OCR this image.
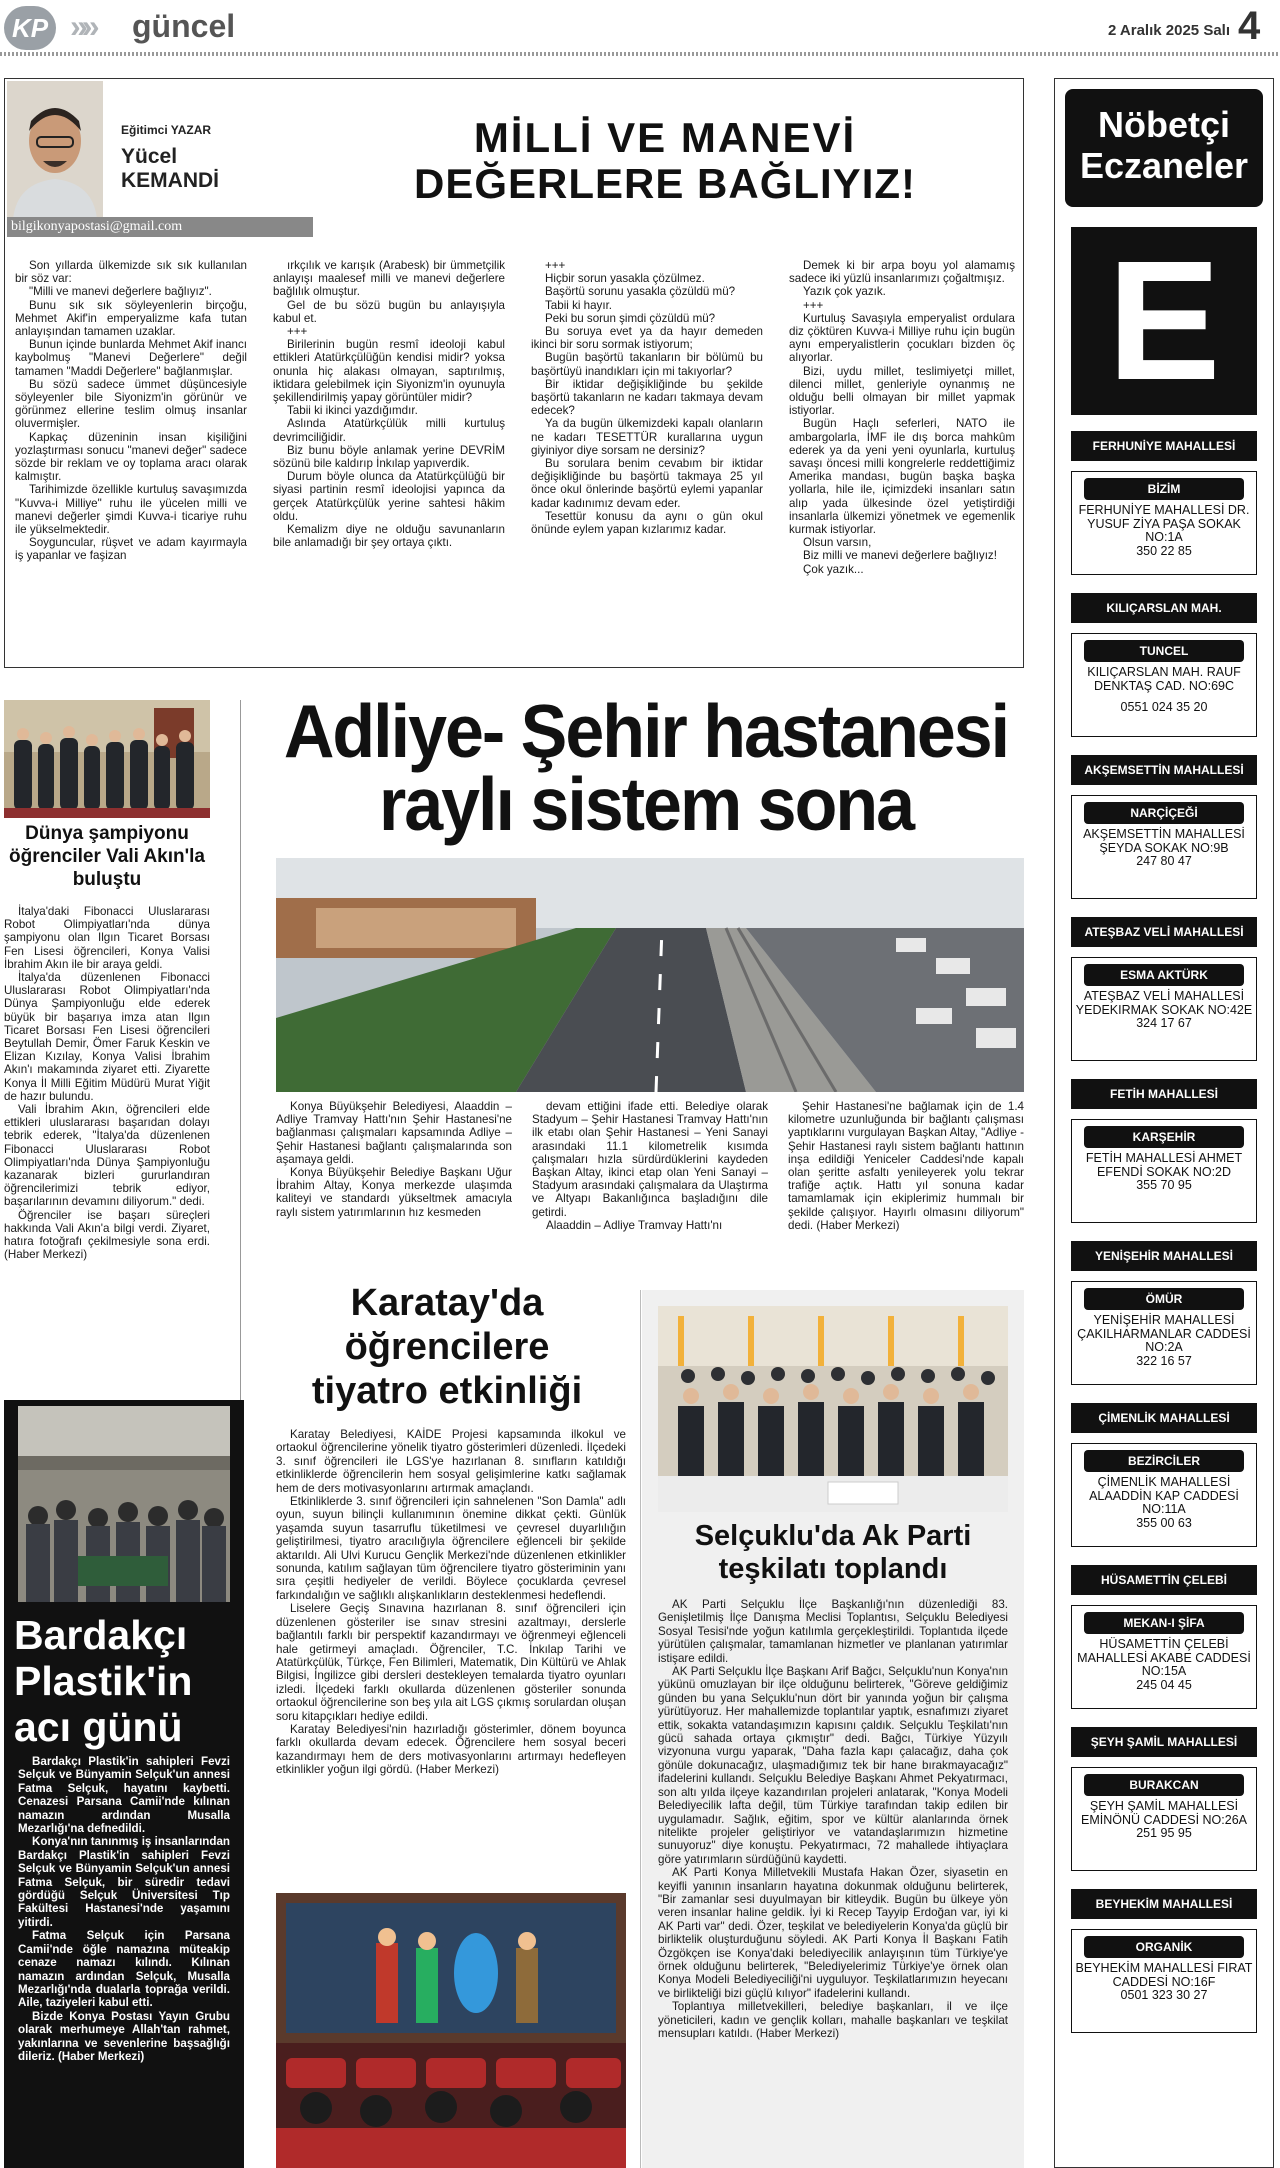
KP »» güncel	2 Aralık 2025 Salı 4
Eğitimci YAZAR
Yücel
KEMANDİ
bilgikonyapostasi@gmail.com
MİLLİ VE MANEVİ
DEĞERLERE BAĞLIYIZ!

Son yıllarda ülkemizde sık sık kullanılan bir söz var:

"Milli ve manevi değerlere bağlıyız".

Bunu sık sık söyleyenlerin birçoğu, Mehmet Akif'in emperyalizme kafa tutan anlayışından tamamen uzaklar.

Bunun içinde bunlarda Mehmet Akif inancı kaybolmuş "Manevi Değerlere" değil tamamen "Maddi Değerlere" bağlanmışlar.

Bu sözü sadece ümmet düşüncesiyle söyleyenler bile Siyonizm'in görünür ve görünmez ellerine teslim olmuş insanlar oluvermişler.

Kapkaç düzeninin insan kişiliğini yozlaştırması sonucu "manevi değer" sadece sözde bir reklam ve oy toplama aracı olarak kalmıştır.

Tarihimizde özellikle kurtuluş savaşımızda "Kuvva-i Milliye" ruhu ile yücelen milli ve manevi değerler şimdi Kuvva-i ticariye ruhu ile yükselmektedir.

Soyguncular, rüşvet ve adam kayırmayla iş yapanlar ve faşizan

ırkçılık ve karışık (Arabesk) bir ümmetçilik anlayışı maalesef milli ve manevi değerlere bağlılık olmuştur.

Gel de bu sözü bugün bu anlayışıyla kabul et.

+++

Birilerinin bugün resmî ideoloji kabul ettikleri Atatürkçülüğün kendisi midir? yoksa onunla hiç alakası olmayan, saptırılmış, iktidara gelebilmek için Siyonizm'in oyunuyla şekillendirilmiş yapay görüntüler midir?

Tabii ki ikinci yazdığımdır.

Aslında Atatürkçülük milli kurtuluş devrimciliğidir.

Biz bunu böyle anlamak yerine DEVRİM sözünü bile kaldırıp İnkılap yapıverdik.

Durum böyle olunca da Atatürkçülüğü bir siyasi partinin resmî ideolojisi yapınca da gerçek Atatürkçülük yerine sahtesi hâkim oldu.

Kemalizm diye ne olduğu savunanların bile anlamadığı bir şey ortaya çıktı.

+++

Hiçbir sorun yasakla çözülmez.

Başörtü sorunu yasakla çözüldü mü?

Tabii ki hayır.

Peki bu sorun şimdi çözüldü mü?

Bu soruya evet ya da hayır demeden ikinci bir soru sormak istiyorum;

Bugün başörtü takanların bir bölümü bu başörtüyü inandıkları için mi takıyorlar?

Bir iktidar değişikliğinde bu şekilde başörtü takanların ne kadarı takmaya devam edecek?

Ya da bugün ülkemizdeki kapalı olanların ne kadarı TESETTÜR kurallarına uygun giyiniyor diye sorsam ne dersiniz?

Bu sorulara benim cevabım bir iktidar değişikliğinde bu başörtü takmaya 25 yıl önce okul önlerinde başörtü eylemi yapanlar kadar kadınımız devam eder.

Tesettür konusu da aynı o gün okul önünde eylem yapan kızlarımız kadar.

Demek ki bir arpa boyu yol alamamış sadece iki yüzlü insanlarımızı çoğaltmışız.

Yazık çok yazık.

+++

Kurtuluş Savaşıyla emperyalist ordulara diz çöktüren Kuvva-i Milliye ruhu için bugün aynı emperyalistlerin çocukları bizden öç alıyorlar.

Bizi, uydu millet, teslimiyetçi millet, dilenci millet, genleriyle oynanmış ne olduğu belli olmayan bir millet yapmak istiyorlar.

Bugün Haçlı seferleri, NATO ile ambargolarla, İMF ile dış borca mahkûm ederek ya da yeni yeni oyunlarla, kurtuluş savaşı öncesi milli kongrelerle reddettiğimiz Amerika mandası, bugün başka başka yollarla, hile ile, içimizdeki insanları satın alıp yada ülkesinde özel yetiştirdiği insanlarla ülkemizi yönetmek ve egemenlik kurmak istiyorlar.

Olsun varsın,

Biz milli ve manevi değerlere bağlıyız!

Çok yazık...

Dünya şampiyonu öğrenciler Vali Akın'la buluştu

İtalya'daki Fibonacci Uluslararası Robot Olimpiyatları'nda dünya şampiyonu olan Ilgın Ticaret Borsası Fen Lisesi öğrencileri, Konya Valisi İbrahim Akın ile bir araya geldi.

İtalya'da düzenlenen Fibonacci Uluslararası Robot Olimpiyatları'nda Dünya Şampiyonluğu elde ederek büyük bir başarıya imza atan Ilgın Ticaret Borsası Fen Lisesi öğrencileri Beytullah Demir, Ömer Faruk Keskin ve Elizan Kızılay, Konya Valisi İbrahim Akın'ı makamında ziyaret etti. Ziyarette Konya İl Milli Eğitim Müdürü Murat Yiğit de hazır bulundu.

Vali İbrahim Akın, öğrencileri elde ettikleri uluslararası başarıdan dolayı tebrik ederek, "İtalya'da düzenlenen Fibonacci Uluslararası Robot Olimpiyatları'nda Dünya Şampiyonluğu kazanarak bizleri gururlandıran öğrencilerimizi tebrik ediyor, başarılarının devamını diliyorum." dedi.

Öğrenciler ise başarı süreçleri hakkında Vali Akın'a bilgi verdi. Ziyaret, hatıra fotoğrafı çekilmesiyle sona erdi. (Haber Merkezi)

Bardakçı Plastik'in acı günü

Bardakçı Plastik'in sahipleri Fevzi Selçuk ve Bünyamin Selçuk'un annesi Fatma Selçuk, hayatını kaybetti. Cenazesi Parsana Camii'nde kılınan namazın ardından Musalla Mezarlığı'na defnedildi.

Konya'nın tanınmış iş insanlarından Bardakçı Plastik'in sahipleri Fevzi Selçuk ve Bünyamin Selçuk'un annesi Fatma Selçuk, bir süredir tedavi gördüğü Selçuk Üniversitesi Tıp Fakültesi Hastanesi'nde yaşamını yitirdi.

Fatma Selçuk için Parsana Camii'nde öğle namazına müteakip cenaze namazı kılındı. Kılınan namazın ardından Selçuk, Musalla Mezarlığı'nda dualarla toprağa verildi. Aile, taziyeleri kabul etti.

Bizde Konya Postası Yayın Grubu olarak merhumeye Allah'tan rahmet, yakınlarına ve sevenlerine başsağlığı dileriz. (Haber Merkezi)

Adliye- Şehir hastanesi
raylı sistem sona

Konya Büyükşehir Belediyesi, Alaaddin – Adliye Tramvay Hattı'nın Şehir Hastanesi'ne bağlanması çalışmaları kapsamında Adliye – Şehir Hastanesi bağlantı çalışmalarında son aşamaya geldi.

Konya Büyükşehir Belediye Başkanı Uğur İbrahim Altay, Konya merkezde ulaşımda kaliteyi ve standardı yükseltmek amacıyla raylı sistem yatırımlarının hız kesmeden

devam ettiğini ifade etti. Belediye olarak Stadyum – Şehir Hastanesi Tramvay Hattı'nın ilk etabı olan Şehir Hastanesi – Yeni Sanayi arasındaki 11.1 kilometrelik kısımda çalışmaları hızla sürdürdüklerini kaydeden Başkan Altay, ikinci etap olan Yeni Sanayi – Stadyum arasındaki çalışmalara da Ulaştırma ve Altyapı Bakanlığınca başladığını dile getirdi.

Alaaddin – Adliye Tramvay Hattı'nı

Şehir Hastanesi'ne bağlamak için de 1.4 kilometre uzunluğunda bir bağlantı çalışması yaptıklarını vurgulayan Başkan Altay, "Adliye - Şehir Hastanesi raylı sistem bağlantı hattının inşa edildiği Yeniceler Caddesi'nde kapalı olan şeritte asfaltı yenileyerek yolu tekrar trafiğe açtık. Hattı yıl sonuna kadar tamamlamak için ekiplerimiz hummalı bir şekilde çalışıyor. Hayırlı olmasını diliyorum" dedi. (Haber Merkezi)

Karatay'da
öğrencilere
tiyatro etkinliği

Karatay Belediyesi, KAİDE Projesi kapsamında ilkokul ve ortaokul öğrencilerine yönelik tiyatro gösterimleri düzenledi. İlçedeki 3. sınıf öğrencileri ile LGS'ye hazırlanan 8. sınıfların katıldığı etkinliklerde öğrencilerin hem sosyal gelişimlerine katkı sağlamak hem de ders motivasyonlarını artırmak amaçlandı.

Etkinliklerde 3. sınıf öğrencileri için sahnelenen "Son Damla" adlı oyun, suyun bilinçli kullanımının önemine dikkat çekti. Günlük yaşamda suyun tasarruflu tüketilmesi ve çevresel duyarlılığın geliştirilmesi, tiyatro aracılığıyla öğrencilere eğlenceli bir şekilde aktarıldı. Ali Ulvi Kurucu Gençlik Merkezi'nde düzenlenen etkinlikler sonunda, katılım sağlayan tüm öğrencilere tiyatro gösteriminin yanı sıra çeşitli hediyeler de verildi. Böylece çocuklarda çevresel farkındalığın ve sağlıklı alışkanlıkların desteklenmesi hedeflendi.

Liselere Geçiş Sınavına hazırlanan 8. sınıf öğrencileri için düzenlenen gösteriler ise sınav stresini azaltmayı, derslerle bağlantılı farklı bir perspektif kazandırmayı ve öğrenmeyi eğlenceli hale getirmeyi amaçladı. Öğrenciler, T.C. İnkılap Tarihi ve Atatürkçülük, Türkçe, Fen Bilimleri, Matematik, Din Kültürü ve Ahlak Bilgisi, İngilizce gibi dersleri destekleyen temalarda tiyatro oyunları izledi. İlçedeki farklı okullarda düzenlenen gösteriler sonunda ortaokul öğrencilerine son beş yıla ait LGS çıkmış sorulardan oluşan soru kitapçıkları hediye edildi.

Karatay Belediyesi'nin hazırladığı gösterimler, dönem boyunca farklı okullarda devam edecek. Öğrencilere hem sosyal beceri kazandırmayı hem de ders motivasyonlarını artırmayı hedefleyen etkinlikler yoğun ilgi gördü. (Haber Merkezi)

Selçuklu'da Ak Parti
teşkilatı toplandı

AK Parti Selçuklu İlçe Başkanlığı'nın düzenlediği 83. Genişletilmiş İlçe Danışma Meclisi Toplantısı, Selçuklu Belediyesi Sosyal Tesisi'nde yoğun katılımla gerçekleştirildi. Toplantıda ilçede yürütülen çalışmalar, tamamlanan hizmetler ve planlanan yatırımlar istişare edildi.

AK Parti Selçuklu İlçe Başkanı Arif Bağcı, Selçuklu'nun Konya'nın yükünü omuzlayan bir ilçe olduğunu belirterek, "Göreve geldiğimiz günden bu yana Selçuklu'nun dört bir yanında yoğun bir çalışma yürütüyoruz. Her mahallemizde toplantılar yaptık, esnafımızı ziyaret ettik, sokakta vatandaşımızın kapısını çaldık. Selçuklu Teşkilatı'nın gücü sahada ortaya çıkmıştır" dedi. Bağcı, Türkiye Yüzyılı vizyonuna vurgu yaparak, "Daha fazla kapı çalacağız, daha çok gönüle dokunacağız, ulaşmadığımız tek bir hane bırakmayacağız" ifadelerini kullandı. Selçuklu Belediye Başkanı Ahmet Pekyatırmacı, son altı yılda ilçeye kazandırılan projeleri anlatarak, "Konya Modeli Belediyecilik lafta değil, tüm Türkiye tarafından takip edilen bir uygulamadır. Sağlık, eğitim, spor ve kültür alanlarında örnek nitelikte projeler geliştiriyor ve vatandaşlarımızın hizmetine sunuyoruz" diye konuştu. Pekyatırmacı, 72 mahallede ihtiyaçlara göre yatırımların sürdüğünü kaydetti.

AK Parti Konya Milletvekili Mustafa Hakan Özer, siyasetin en keyifli yanının insanların hayatına dokunmak olduğunu belirterek, "Bir zamanlar sesi duyulmayan bir kitleydik. Bugün bu ülkeye yön veren insanlar haline geldik. İyi ki Recep Tayyip Erdoğan var, iyi ki AK Parti var" dedi. Özer, teşkilat ve belediyelerin Konya'da güçlü bir birliktelik oluşturduğunu söyledi. AK Parti Konya İl Başkanı Fatih Özgökçen ise Konya'daki belediyecilik anlayışının tüm Türkiye'ye örnek olduğunu belirterek, "Belediyelerimiz Türkiye'ye örnek olan Konya Modeli Belediyeciliği'ni uyguluyor. Teşkilatlarımızın heyecanı ve birlikteliği bizi güçlü kılıyor" ifadelerini kullandı.

Toplantıya milletvekilleri, belediye başkanları, il ve ilçe yöneticileri, kadın ve gençlik kolları, mahalle başkanları ve teşkilat mensupları katıldı. (Haber Merkezi)

Nöbetçi
Eczaneler
E
FERHUNİYE MAHALLESİ
BİZİM
FERHUNİYE MAHALLESİ DR. YUSUF ZİYA PAŞA SOKAK NO:1A
350 22 85
KILIÇARSLAN MAH.
TUNCEL
KILIÇARSLAN MAH. RAUF DENKTAŞ CAD. NO:69C
0551 024 35 20
AKŞEMSETTİN MAHALLESİ
NARÇİÇEĞİ
AKŞEMSETTİN MAHALLESİ ŞEYDA SOKAK NO:9B
247 80 47
ATEŞBAZ VELİ MAHALLESİ
ESMA AKTÜRK
ATEŞBAZ VELİ MAHALLESİ YEDEKIRMAK SOKAK NO:42E
324 17 67
FETİH MAHALLESİ
KARŞEHİR
FETİH MAHALLESİ AHMET EFENDİ SOKAK NO:2D
355 70 95
YENİŞEHİR MAHALLESİ
ÖMÜR
YENİŞEHİR MAHALLESİ ÇAKILHARMANLAR CADDESİ NO:2A
322 16 57
ÇİMENLİK MAHALLESİ
BEZİRCİLER
ÇİMENLİK MAHALLESİ ALAADDİN KAP CADDESİ NO:11A
355 00 63
HÜSAMETTİN ÇELEBİ
MEKAN-I ŞİFA
HÜSAMETTİN ÇELEBİ MAHALLESİ AKABE CADDESİ NO:15A
245 04 45
ŞEYH ŞAMİL MAHALLESİ
BURAKCAN
ŞEYH ŞAMİL MAHALLESİ EMİNÖNÜ CADDESİ NO:26A
251 95 95
BEYHEKİM MAHALLESİ
ORGANİK
BEYHEKİM MAHALLESİ FIRAT CADDESİ NO:16F
0501 323 30 27
